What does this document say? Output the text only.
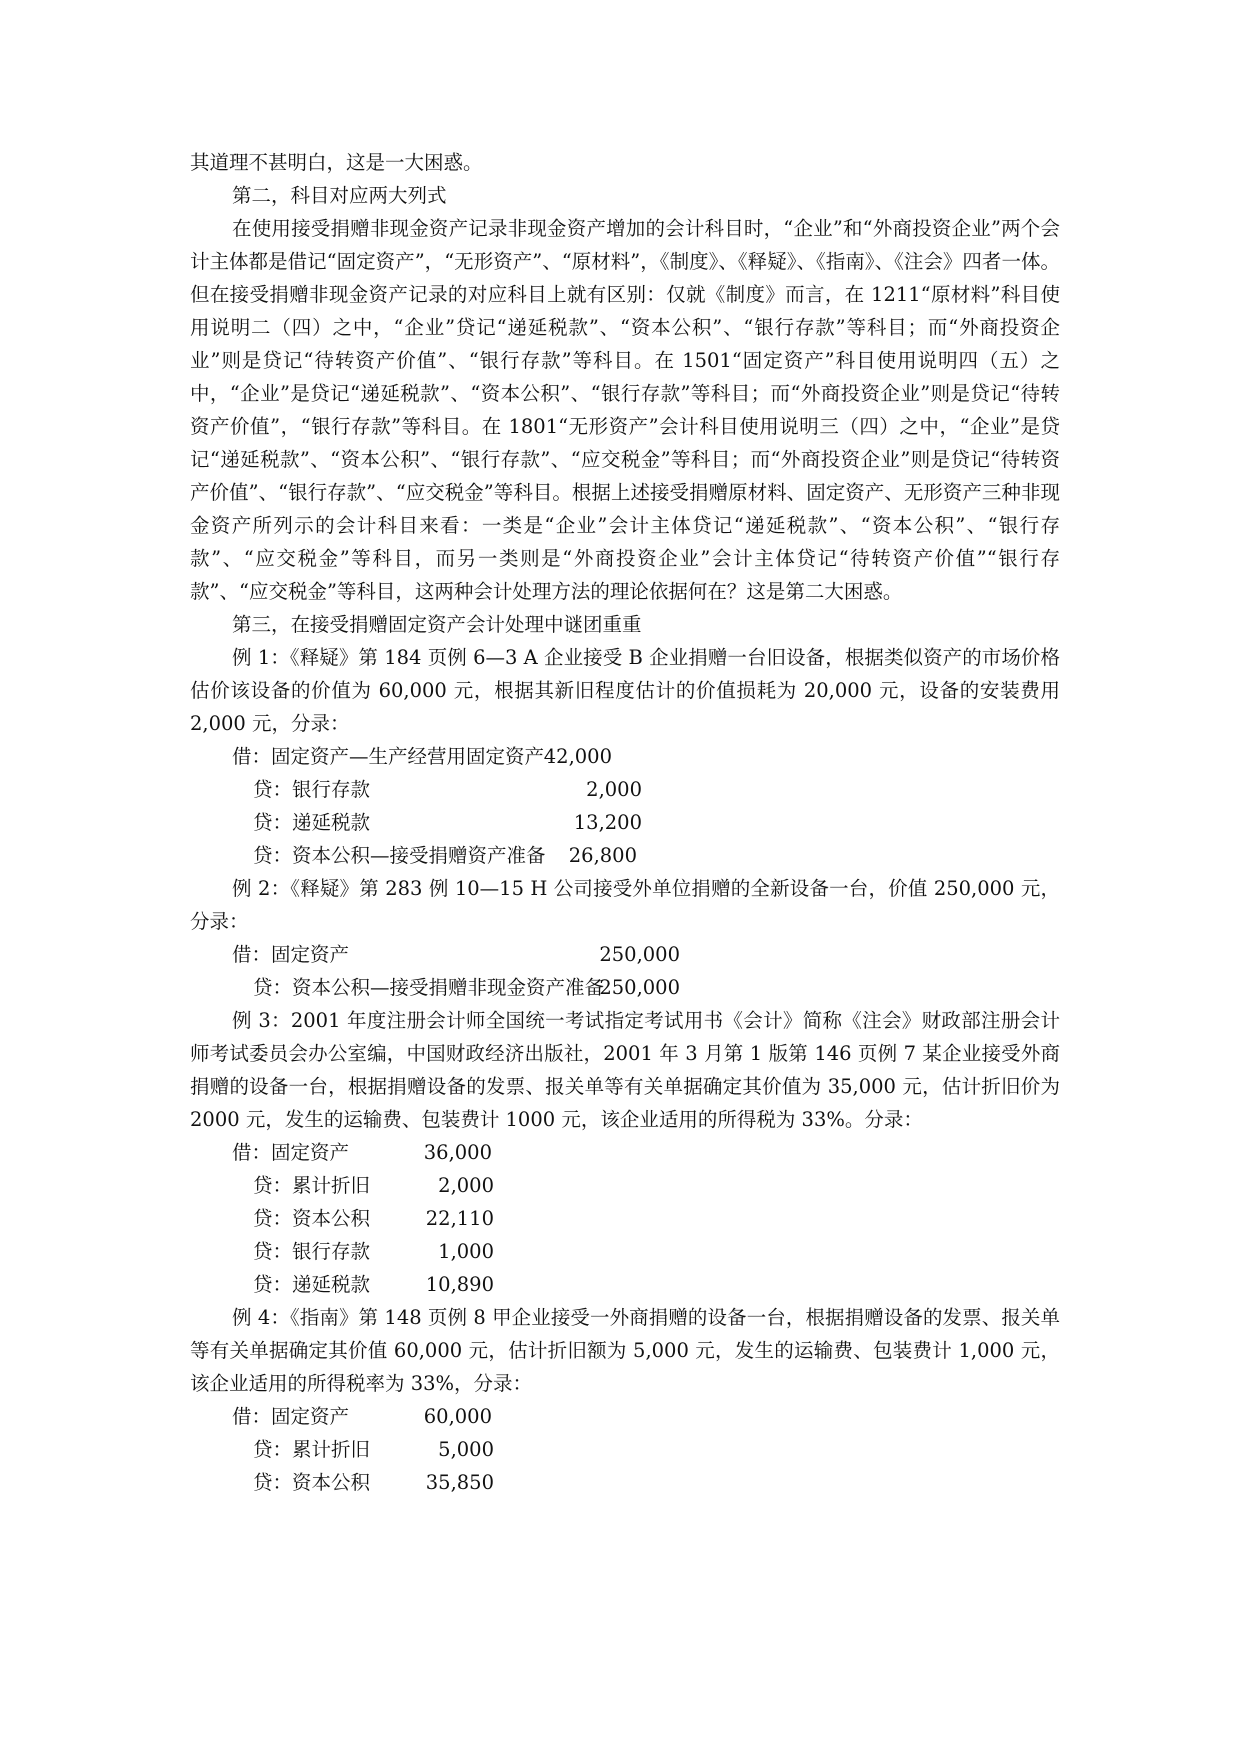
其道理不甚明白，这是一大困惑。

第二，科目对应两大列式

在使用接受捐赠非现金资产记录非现金资产增加的会计科目时，“企业”和“外商投资企业”两个会计主体都是借记“固定资产”，“无形资产”、“原材料”，《制度》、《释疑》、《指南》、《注会》四者一体。但在接受捐赠非现金资产记录的对应科目上就有区别：仅就《制度》而言，在 1211“原材料”科目使用说明二（四）之中，“企业”贷记“递延税款”、“资本公积”、“银行存款”等科目；而“外商投资企业”则是贷记“待转资产价值”、“银行存款”等科目。在 1501“固定资产”科目使用说明四（五）之中，“企业”是贷记“递延税款”、“资本公积”、“银行存款”等科目；而“外商投资企业”则是贷记“待转资产价值”，“银行存款”等科目。在 1801“无形资产”会计科目使用说明三（四）之中，“企业”是贷记“递延税款”、“资本公积”、“银行存款”、“应交税金”等科目；而“外商投资企业”则是贷记“待转资产价值”、“银行存款”、“应交税金”等科目。根据上述接受捐赠原材料、固定资产、无形资产三种非现金资产所列示的会计科目来看：一类是“企业”会计主体贷记“递延税款”、“资本公积”、“银行存款”、“应交税金”等科目，而另一类则是“外商投资企业”会计主体贷记“待转资产价值”“银行存款”、“应交税金”等科目，这两种会计处理方法的理论依据何在？这是第二大困惑。

第三，在接受捐赠固定资产会计处理中谜团重重

例 1：《释疑》第 184 页例 6—3 A 企业接受 B 企业捐赠一台旧设备，根据类似资产的市场价格估价该设备的价值为 60,000 元，根据其新旧程度估计的价值损耗为 20,000 元，设备的安装费用 2,000 元，分录：

借：固定资产—生产经营用固定资产42,000
贷：银行存款	2,000
贷：递延税款	13,200
贷：资本公积—接受捐赠资产准备 26,800

例 2：《释疑》第 283 例 10—15 H 公司接受外单位捐赠的全新设备一台，价值 250,000 元，分录：

借：固定资产	250,000
贷：资本公积—接受捐赠非现金资产准备250,000

例 3：2001 年度注册会计师全国统一考试指定考试用书《会计》简称《注会》财政部注册会计师考试委员会办公室编，中国财政经济出版社，2001 年 3 月第 1 版第 146 页例 7 某企业接受外商捐赠的设备一台，根据捐赠设备的发票、报关单等有关单据确定其价值为 35,000 元，估计折旧价为 2000 元，发生的运输费、包装费计 1000 元，该企业适用的所得税为 33%。分录：

借：固定资产	36,000
贷：累计折旧	2,000
贷：资本公积	22,110
贷：银行存款	1,000
贷：递延税款	10,890

例 4：《指南》第 148 页例 8 甲企业接受一外商捐赠的设备一台，根据捐赠设备的发票、报关单等有关单据确定其价值 60,000 元，估计折旧额为 5,000 元，发生的运输费、包装费计 1,000 元，该企业适用的所得税率为 33%，分录：

借：固定资产	60,000
贷：累计折旧	5,000
贷：资本公积	35,850
